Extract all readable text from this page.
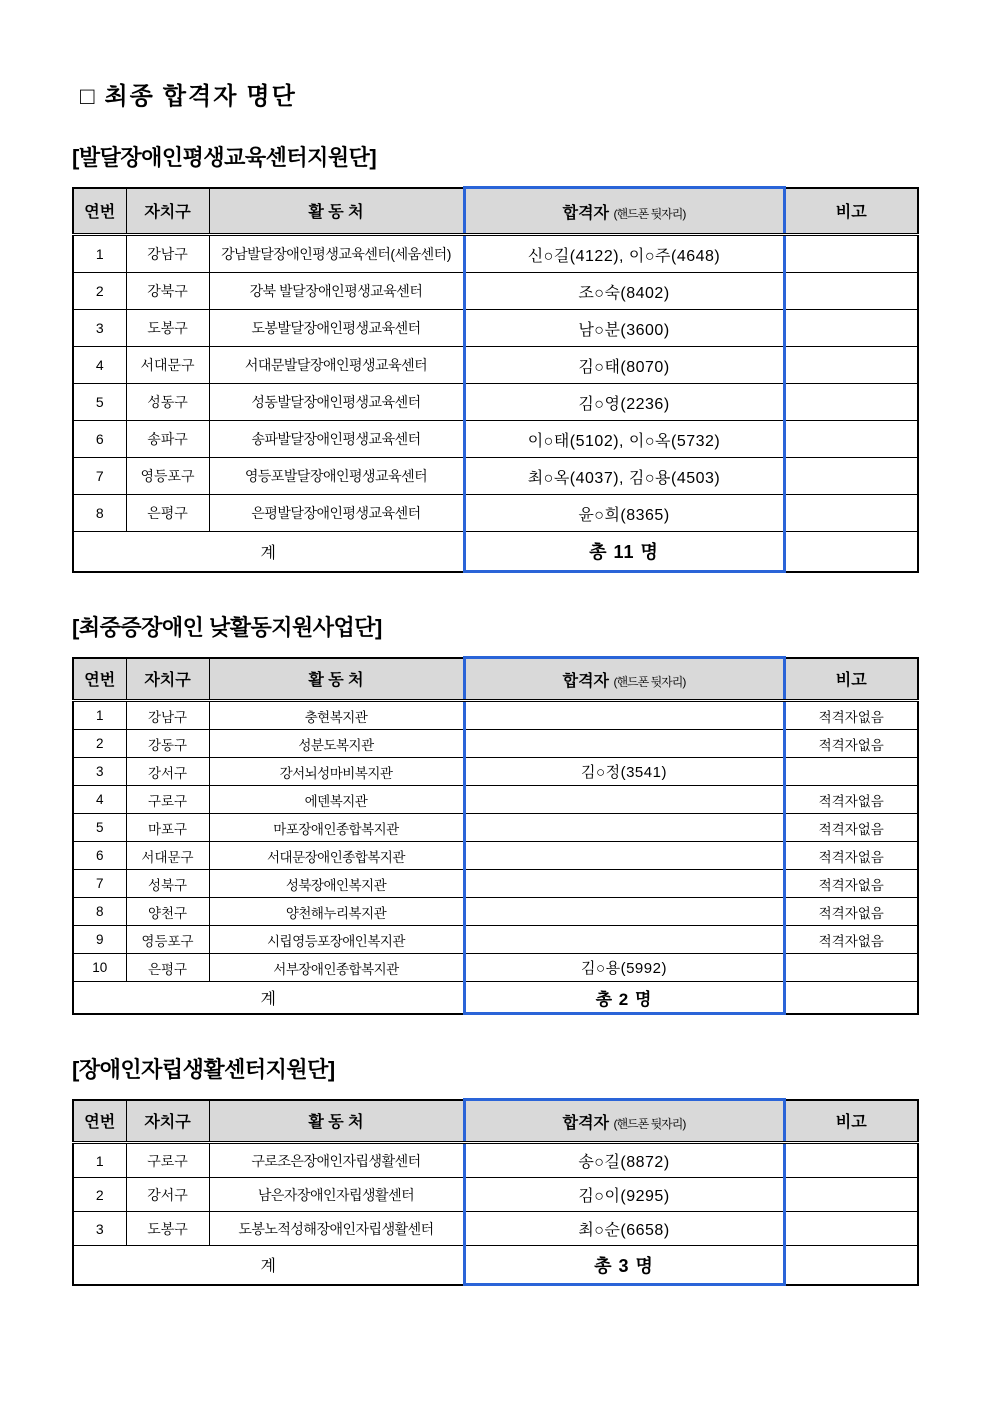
□ 최종 합격자 명단
[발달장애인평생교육센터지원단]
연번	자치구	활 동 처	합격자 (핸드폰 뒷자리)	비고
1	강남구	강남발달장애인평생교육센터(세움센터)	신○길(4122), 이○주(4648)	
2	강북구	강북 발달장애인평생교육센터	조○숙(8402)	
3	도봉구	도봉발달장애인평생교육센터	남○분(3600)	
4	서대문구	서대문발달장애인평생교육센터	김○태(8070)	
5	성동구	성동발달장애인평생교육센터	김○영(2236)	
6	송파구	송파발달장애인평생교육센터	이○태(5102), 이○옥(5732)	
7	영등포구	영등포발달장애인평생교육센터	최○옥(4037), 김○용(4503)	
8	은평구	은평발달장애인평생교육센터	윤○희(8365)	
계			총 11 명	
[최중증장애인 낮활동지원사업단]
연번	자치구	활 동 처	합격자 (핸드폰 뒷자리)	비고
1	강남구	충현복지관		적격자없음
2	강동구	성분도복지관		적격자없음
3	강서구	강서뇌성마비복지관	김○정(3541)	
4	구로구	에덴복지관		적격자없음
5	마포구	마포장애인종합복지관		적격자없음
6	서대문구	서대문장애인종합복지관		적격자없음
7	성북구	성북장애인복지관		적격자없음
8	양천구	양천해누리복지관		적격자없음
9	영등포구	시립영등포장애인복지관		적격자없음
10	은평구	서부장애인종합복지관	김○용(5992)	
계			총 2 명	
[장애인자립생활센터지원단]
연번	자치구	활 동 처	합격자 (핸드폰 뒷자리)	비고
1	구로구	구로조은장애인자립생활센터	송○길(8872)	
2	강서구	남은자장애인자립생활센터	김○이(9295)	
3	도봉구	도봉노적성해장애인자립생활센터	최○순(6658)	
계			총 3 명	
